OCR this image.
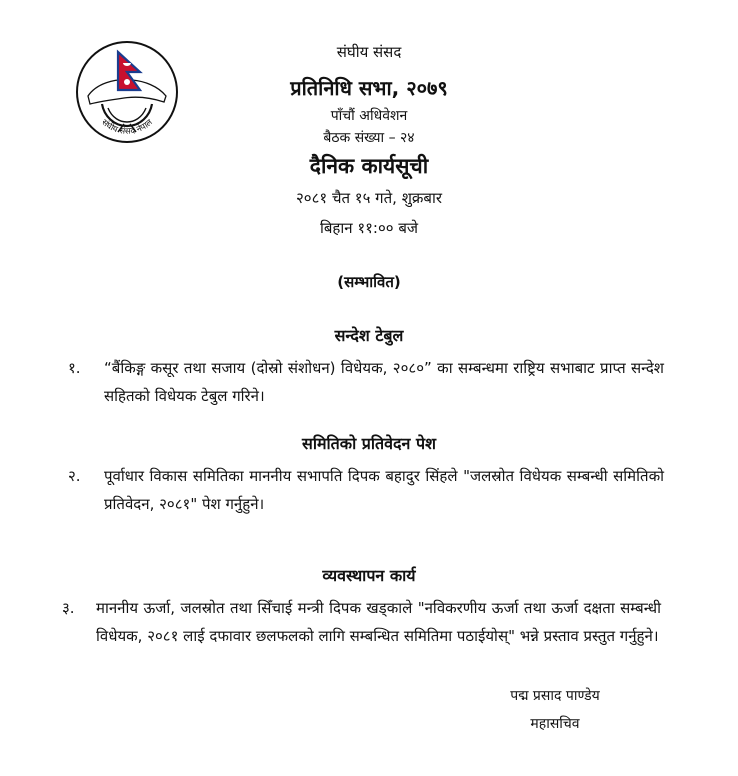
संघीय संसद नेपाल
संघीय संसद
प्रतिनिधि सभा, २०७९
पाँचौं अधिवेशन
बैठक संख्या – २४
दैनिक कार्यसूची
२०८१ चैत १५ गते, शुक्रबार
बिहान ११:०० बजे
(सम्भावित)
सन्देश टेबुल
१.	“बैंकिङ्ग कसूर तथा सजाय (दोस्रो संशोधन) विधेयक, २०८०” का सम्बन्धमा राष्ट्रिय सभाबाट प्राप्त सन्देश सहितको विधेयक टेबुल गरिने।
समितिको प्रतिवेदन पेश
२.	पूर्वाधार विकास समितिका माननीय सभापति दिपक बहादुर सिंहले "जलस्रोत विधेयक सम्बन्धी समितिको प्रतिवेदन, २०८१" पेश गर्नुहुने।
व्यवस्थापन कार्य
३.	माननीय ऊर्जा, जलस्रोत तथा सिँचाई मन्त्री दिपक खड्काले "नविकरणीय ऊर्जा तथा ऊर्जा दक्षता सम्बन्धी विधेयक, २०८१ लाई दफावार छलफलको लागि सम्बन्धित समितिमा पठाईयोस्" भन्ने प्रस्ताव प्रस्तुत गर्नुहुने।
पद्म प्रसाद पाण्डेय
महासचिव
